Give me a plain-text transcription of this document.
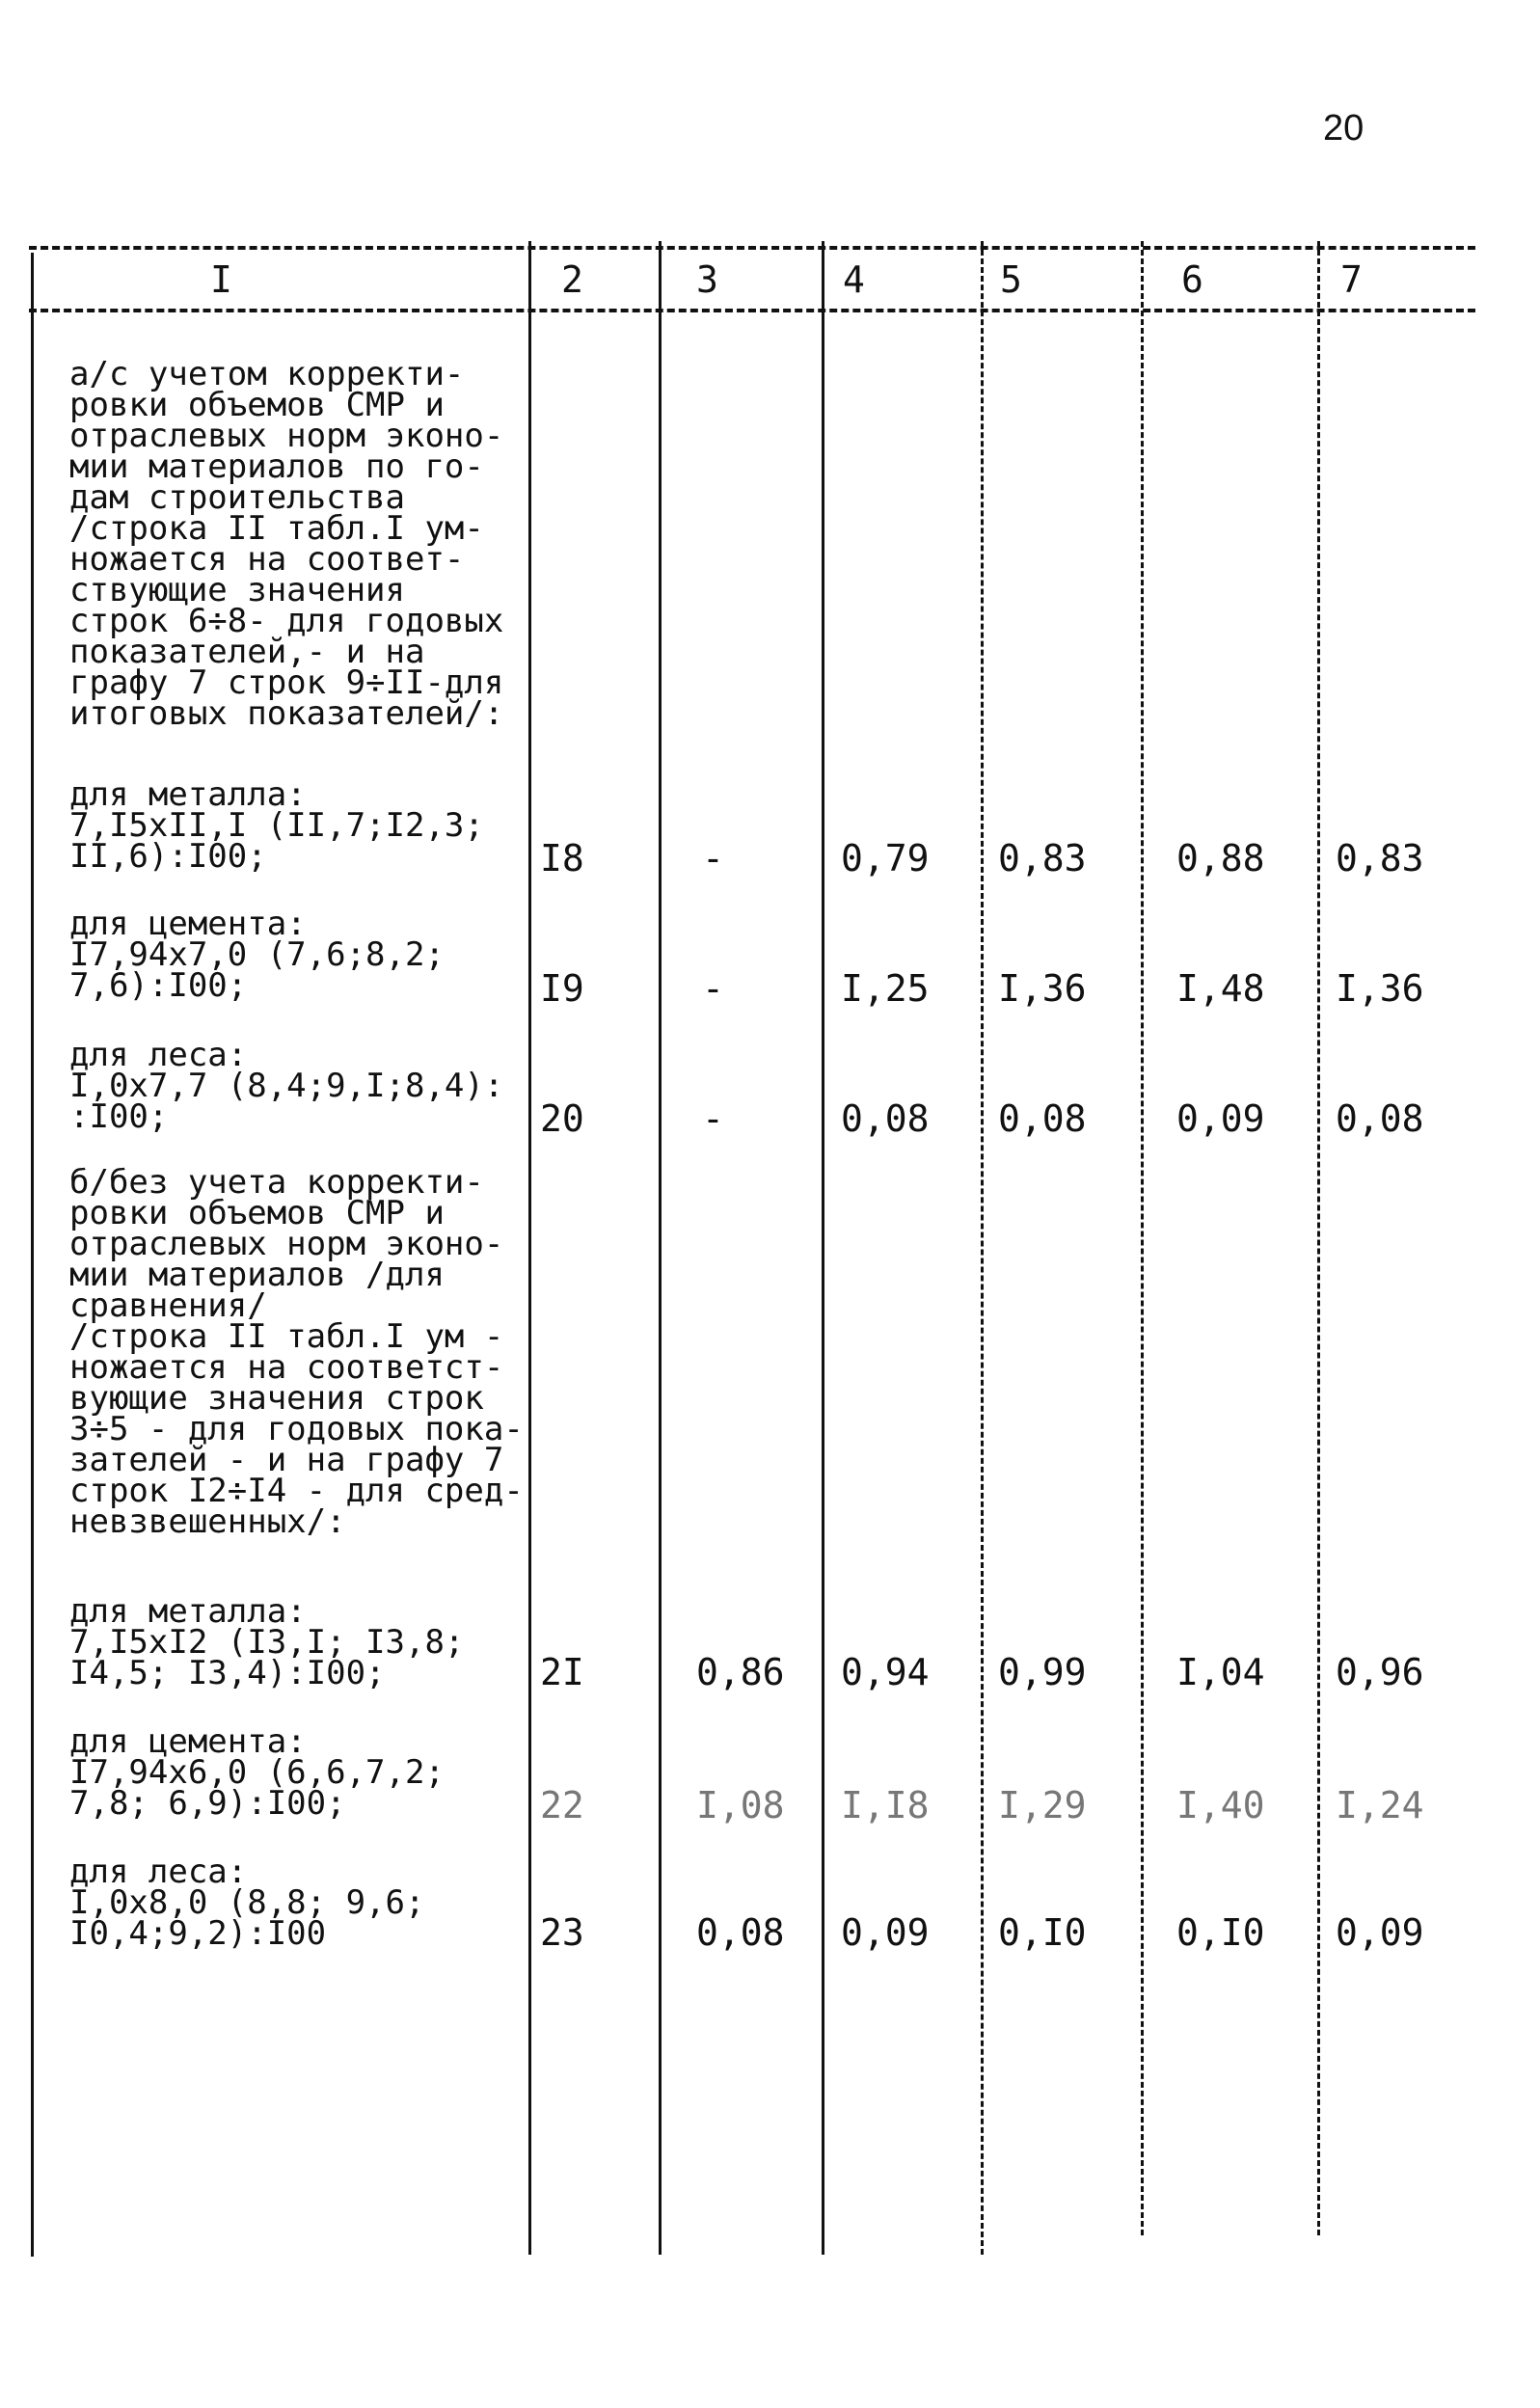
20
I	2	3	4	5	6	7
а/с учетом корректи-
ровки объемов СМР и
отраслевых норм эконо-
мии материалов по го-
дам строительства
/строка II табл.I ум-
ножается на соответ-
ствующие значения
строк 6÷8- для годовых
показателей,- и на
графу 7 строк 9÷II-для
итоговых показателей/:
для металла:
7,I5xII,I (II,7;I2,3;
II,6):I00;	I8	-	0,79 0,83 0,88 0,83
для цемента:
I7,94x7,0 (7,6;8,2;
7,6):I00;	I9	-	I,25 I,36 I,48 I,36
для леса:
I,0x7,7 (8,4;9,I;8,4):
:I00;	20	-	0,08 0,08 0,09 0,08
б/без учета корректи-
ровки объемов СМР и
отраслевых норм эконо-
мии материалов /для
сравнения/
/строка II табл.I ум -
ножается на соответст-
вующие значения строк
3÷5 - для годовых пока-
зателей - и на графу 7
строк I2÷I4 - для сред-
невзвешенных/:
для металла:
7,I5xI2 (I3,I; I3,8;
I4,5; I3,4):I00;	2I	0,86 0,94 0,99 I,04 0,96
для цемента:
I7,94x6,0 (6,6,7,2;
7,8; 6,9):I00;	22	I,08 I,I8 I,29 I,40 I,24
для леса:
I,0x8,0 (8,8; 9,6;
I0,4;9,2):I00	23	0,08 0,09 0,I0 0,I0 0,09
